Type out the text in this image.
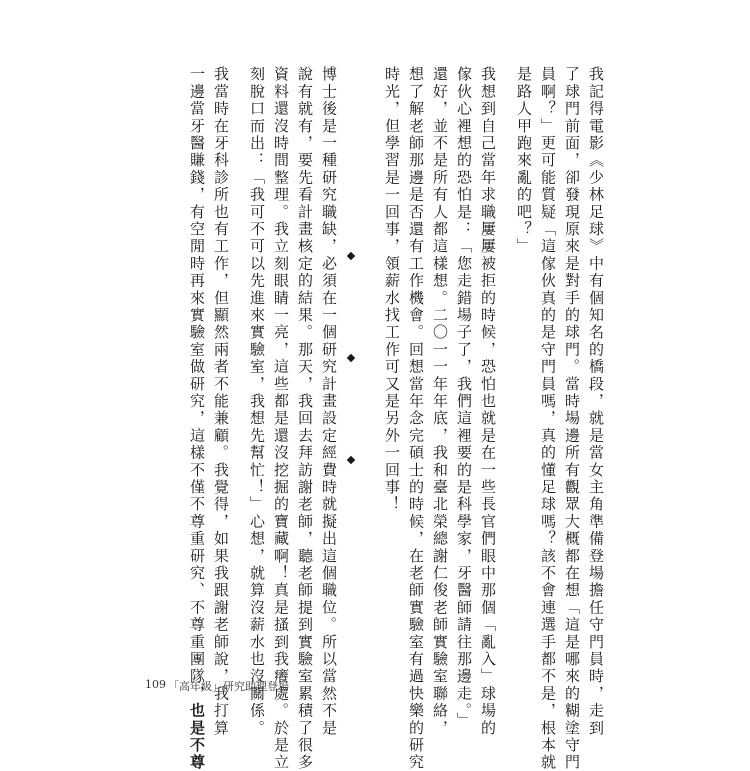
我記得電影《少林足球》中有個知名的橋段，就是當女主角準備登場擔任守門員時，走到
了球門前面，卻發現原來是對手的球門。當時場邊所有觀眾大概都在想「這是哪來的糊塗守門
員啊？」更可能質疑「這傢伙真的是守門員嗎，真的懂足球嗎？該不會連選手都不是，根本就
是路人甲跑來亂的吧？」
我想到自己當年求職屢屢被拒的時候，恐怕也就是在一些長官們眼中那個「亂入」球場的
傢伙心裡想的恐怕是：「您走錯場子了，我們這裡要的是科學家，牙醫師請往那邊走。」
還好，並不是所有人都這樣想。二〇一一年年底，我和臺北榮總謝仁俊老師實驗室聯絡，
想了解老師那邊是否還有工作機會。回想當年念完碩士的時候，在老師實驗室有過快樂的研究
時光，但學習是一回事，領薪水找工作可又是另外一回事！
博士後是一種研究職缺，必須在一個研究計畫設定經費時就擬出這個職位。所以當然不是
說有就有，要先看計畫核定的結果。那天，我回去拜訪謝老師，聽老師提到實驗室累積了很多
資料還沒時間整理。我立刻眼睛一亮，這些都是還沒挖掘的寶藏啊！真是搔到我癢處。於是立
刻脫口而出：「我可不可以先進來實驗室，我想先幫忙！」心想，就算沒薪水也沒關係。
我當時在牙科診所也有工作，但顯然兩者不能兼顧。我覺得，如果我跟謝老師說，我打算
一邊當牙醫賺錢，有空閒時再來實驗室做研究，這樣不僅不尊重研究、不尊重團隊，也是不尊
109 「高年級」研究助理登場
